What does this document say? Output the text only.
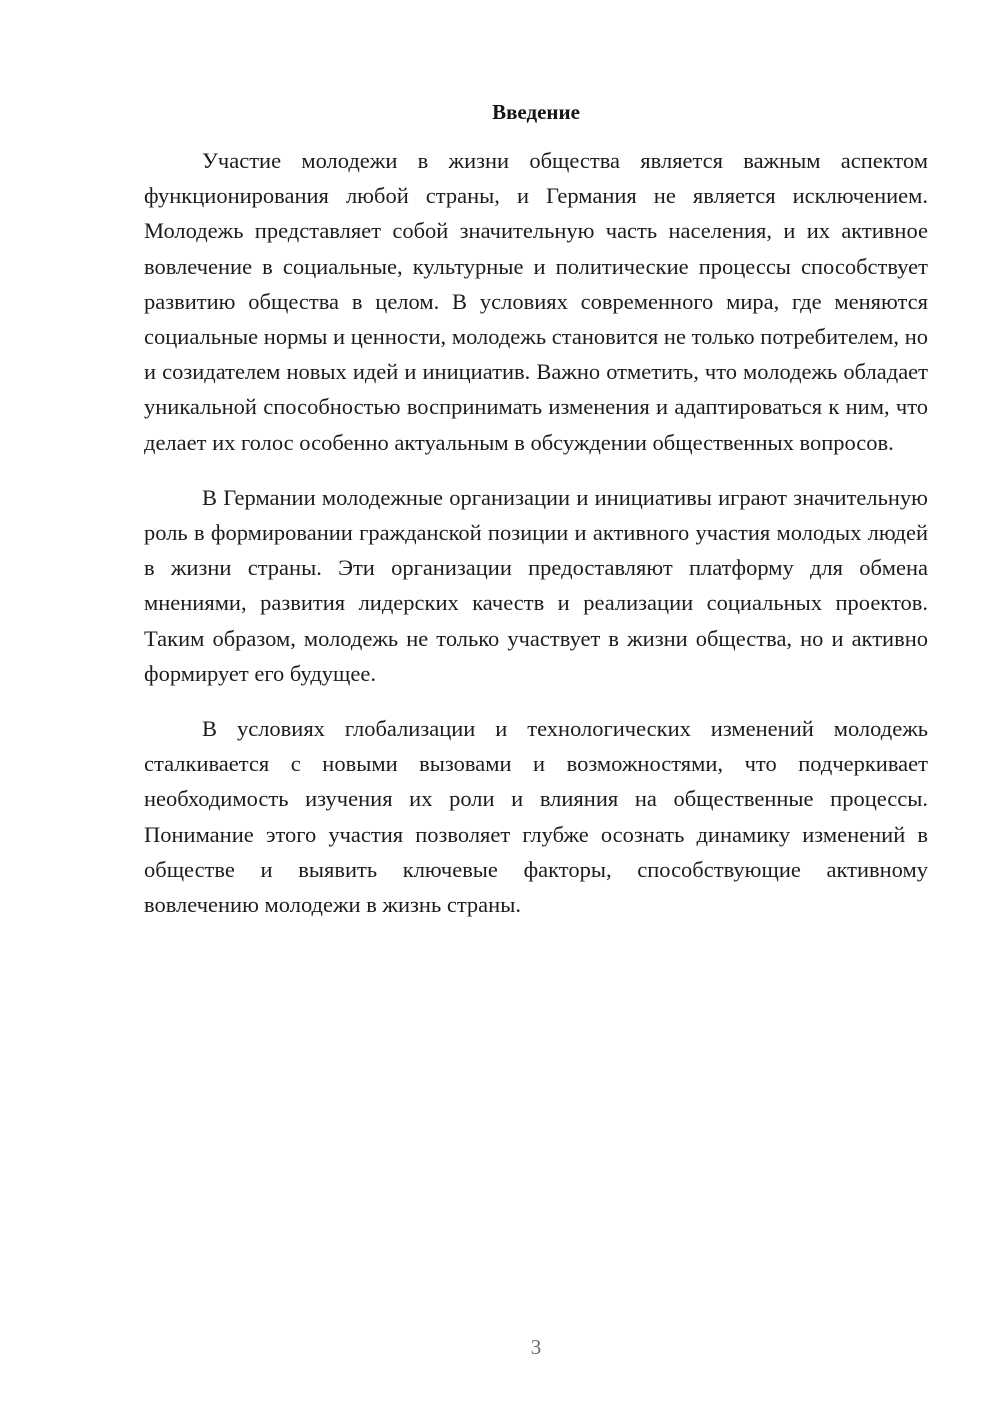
Введение

Участие молодежи в жизни общества является важным аспектом функционирования любой страны, и Германия не является исключением. Молодежь представляет собой значительную часть населения, и их активное вовлечение в социальные, культурные и политические процессы способствует развитию общества в целом. В условиях современного мира, где меняются социальные нормы и ценности, молодежь становится не только потребителем, но и созидателем новых идей и инициатив. Важно отметить, что молодежь обладает уникальной способностью воспринимать изменения и адаптироваться к ним, что делает их голос особенно актуальным в обсуждении общественных вопросов.

В Германии молодежные организации и инициативы играют значительную роль в формировании гражданской позиции и активного участия молодых людей в жизни страны. Эти организации предоставляют платформу для обмена мнениями, развития лидерских качеств и реализации социальных проектов. Таким образом, молодежь не только участвует в жизни общества, но и активно формирует его будущее.

В условиях глобализации и технологических изменений молодежь сталкивается с новыми вызовами и возможностями, что подчеркивает необходимость изучения их роли и влияния на общественные процессы. Понимание этого участия позволяет глубже осознать динамику изменений в обществе и выявить ключевые факторы, способствующие активному вовлечению молодежи в жизнь страны.

3
